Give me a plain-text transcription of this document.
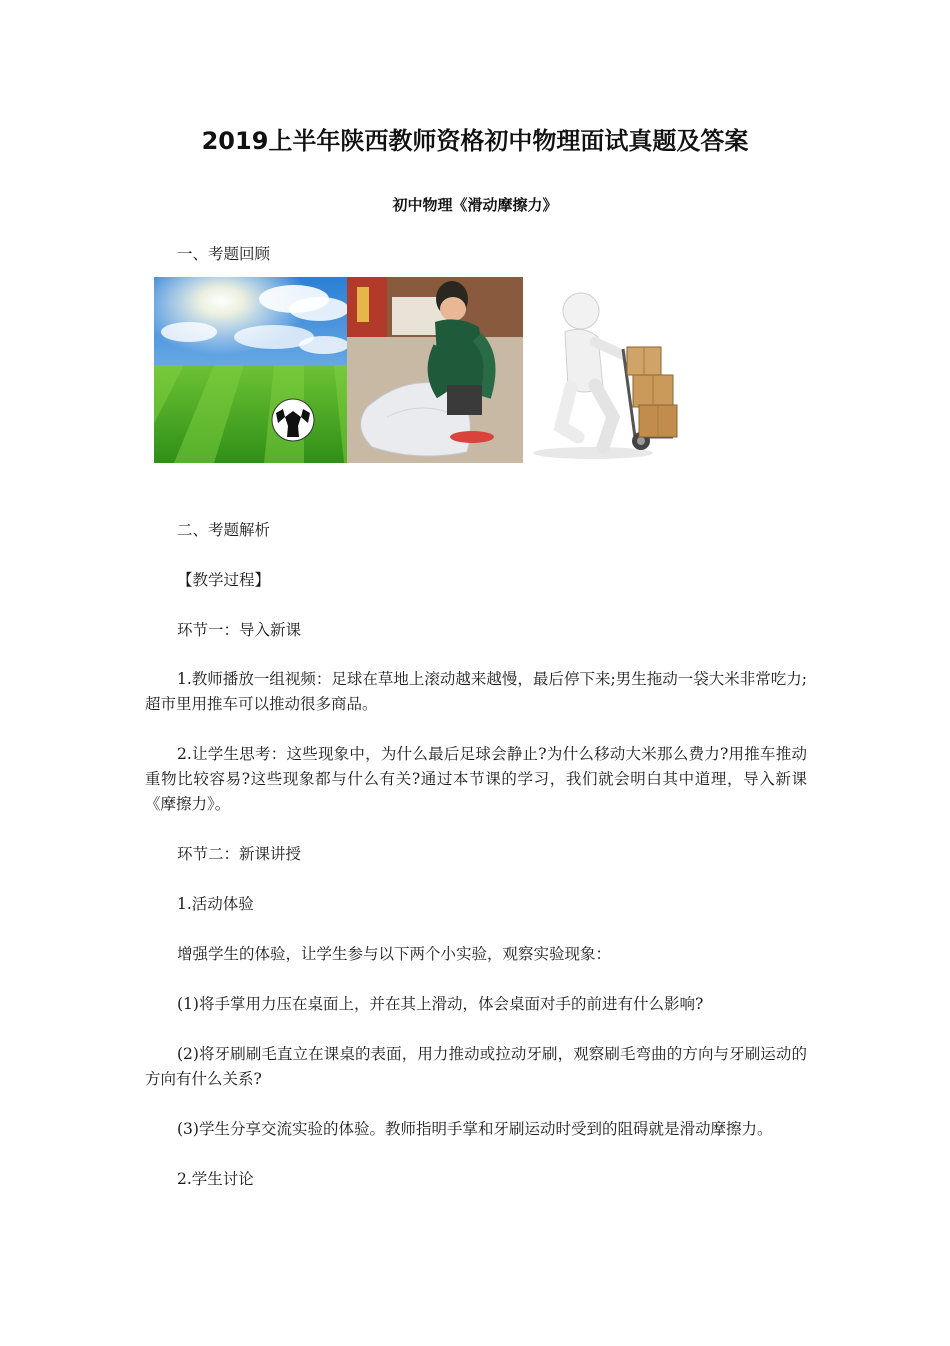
2019上半年陕西教师资格初中物理面试真题及答案
初中物理《滑动摩擦力》

一、考题回顾

二、考题解析

【教学过程】

环节一：导入新课

1.教师播放一组视频：足球在草地上滚动越来越慢，最后停下来;男生拖动一袋大米非常吃力;超市里用推车可以推动很多商品。

2.让学生思考：这些现象中，为什么最后足球会静止?为什么移动大米那么费力?用推车推动重物比较容易?这些现象都与什么有关?通过本节课的学习，我们就会明白其中道理，导入新课《摩擦力》。

环节二：新课讲授

1.活动体验

增强学生的体验，让学生参与以下两个小实验，观察实验现象：

(1)将手掌用力压在桌面上，并在其上滑动，体会桌面对手的前进有什么影响?

(2)将牙刷刷毛直立在课桌的表面，用力推动或拉动牙刷，观察刷毛弯曲的方向与牙刷运动的方向有什么关系?

(3)学生分享交流实验的体验。教师指明手掌和牙刷运动时受到的阻碍就是滑动摩擦力。

2.学生讨论
